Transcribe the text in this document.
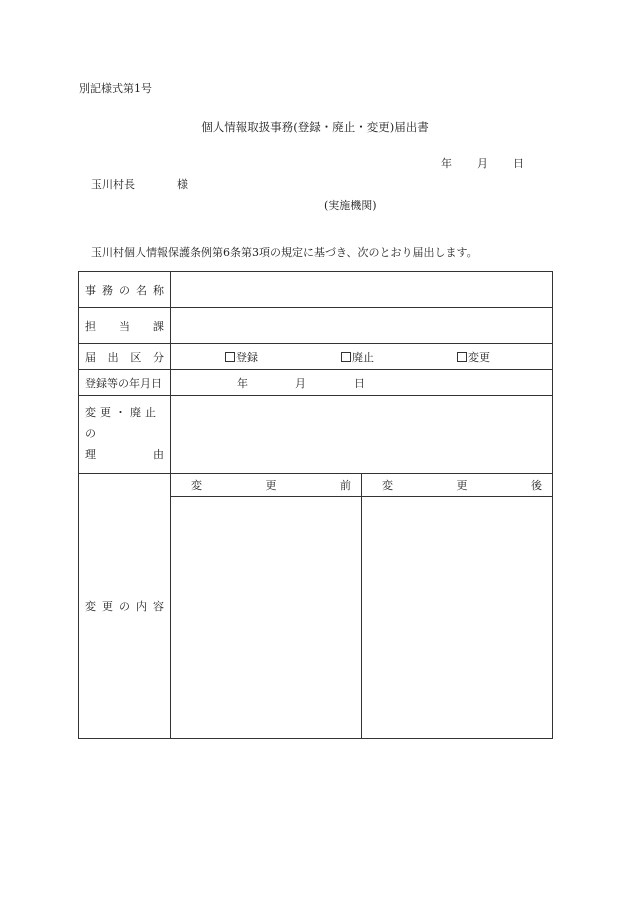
別記様式第1号
個人情報取扱事務(登録・廃止・変更)届出書
年	月	日
玉川村長	様
(実施機関)
玉川村個人情報保護条例第6条第3項の規定に基づき、次のとおり届出します。
事 務 の 名 称

担 当 課

届 出 区 分	登録	廃止	変更

登録等の年月日	年	月	日

変更・廃止の
理	由

変 更 の 内 容

変	更	前	変	更	後
